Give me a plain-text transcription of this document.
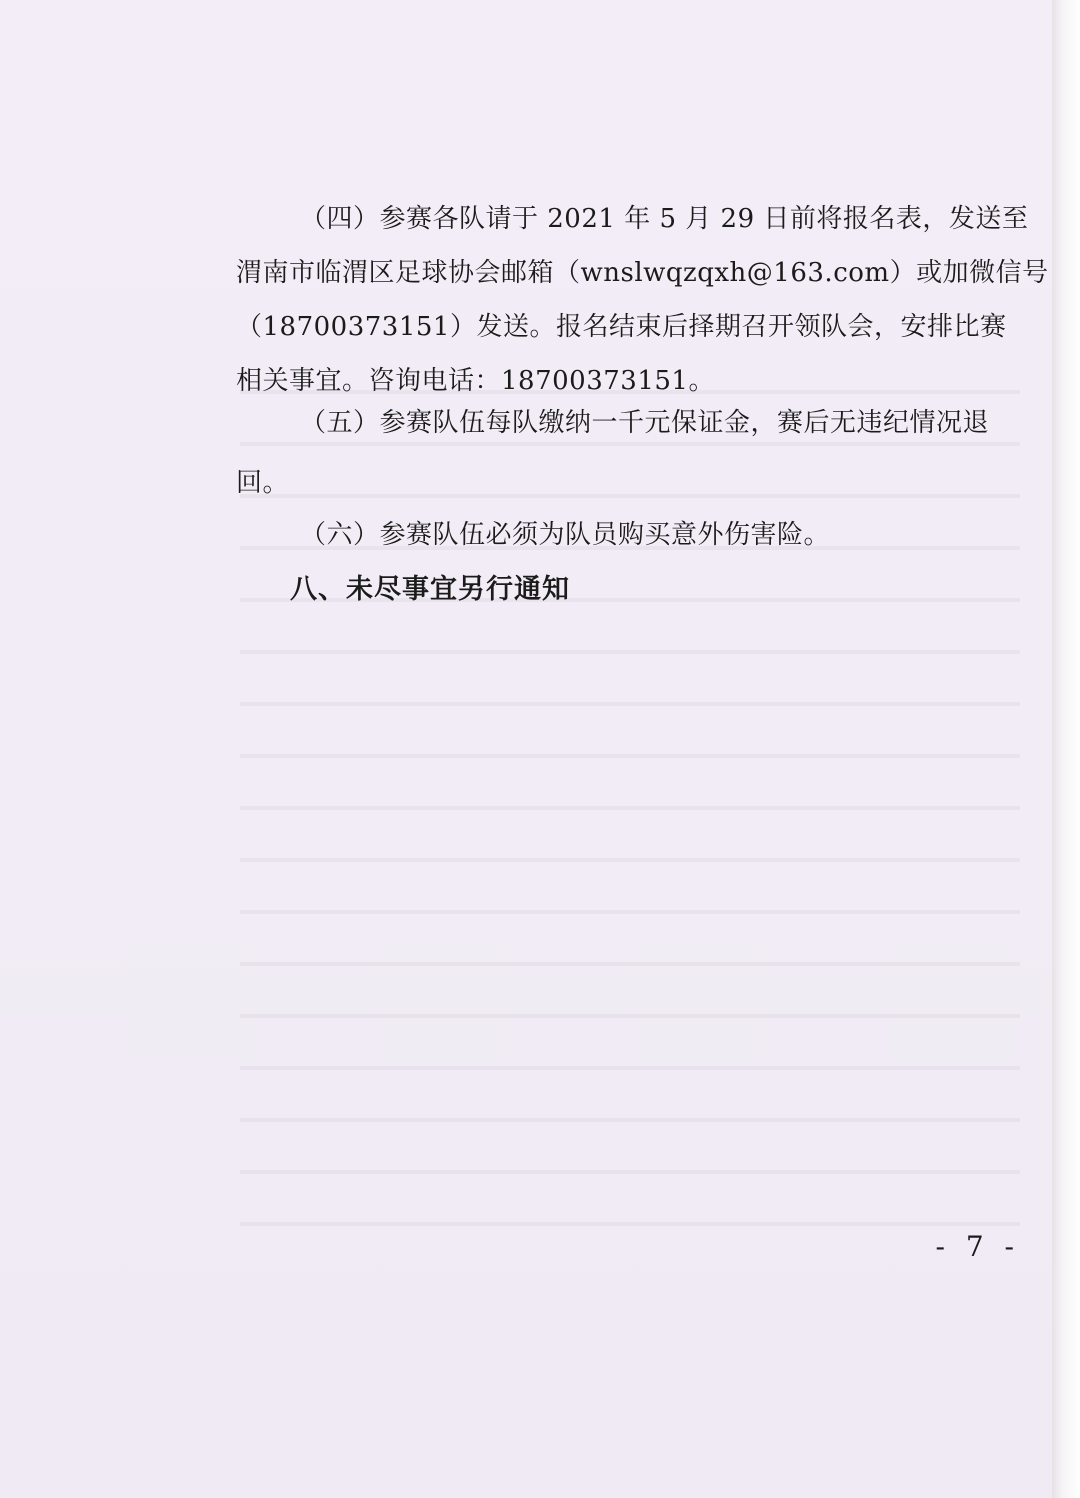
（四）参赛各队请于 2021 年 5 月 29 日前将报名表，发送至

渭南市临渭区足球协会邮箱（wnslwqzqxh@163.com）或加微信号

（18700373151）发送。报名结束后择期召开领队会，安排比赛

相关事宜。咨询电话：18700373151。

（五）参赛队伍每队缴纳一千元保证金，赛后无违纪情况退

回。

（六）参赛队伍必须为队员购买意外伤害险。

八、未尽事宜另行通知
- 7 -
